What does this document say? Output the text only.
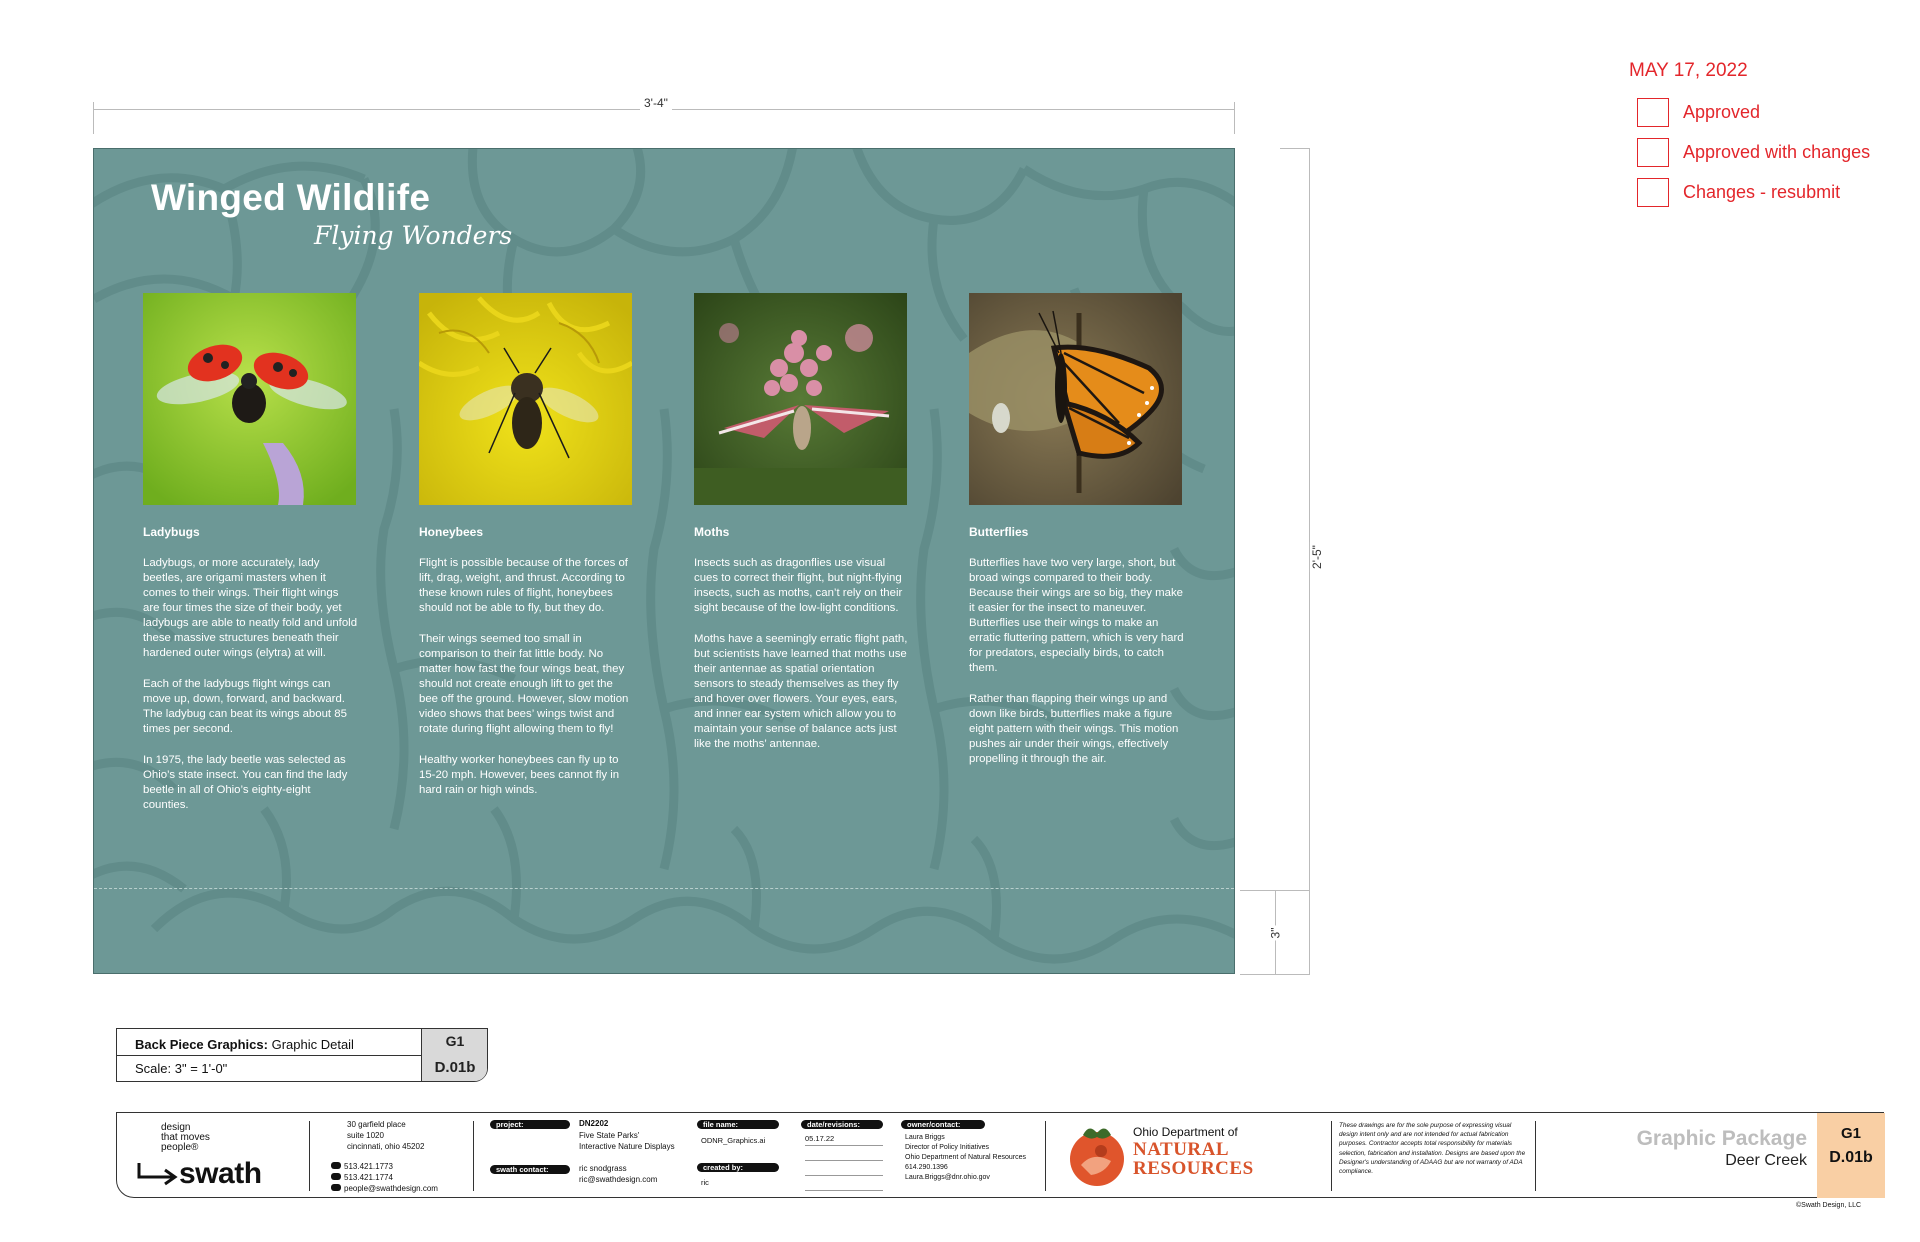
3'-4"
2'-5"
3"
MAY 17, 2022
Approved
Approved with changes
Changes - resubmit
Winged Wildlife
Flying Wonders
Ladybugs

Ladybugs, or more accurately, lady beetles, are origami masters when it comes to their wings. Their flight wings are four times the size of their body, yet ladybugs are able to neatly fold and unfold these massive structures beneath their hardened outer wings (elytra) at will.

Each of the ladybugs flight wings can move up, down, forward, and backward. The ladybug can beat its wings about 85 times per second.

In 1975, the lady beetle was selected as Ohio’s state insect. You can find the lady beetle in all of Ohio’s eighty-eight counties.

Honeybees

Flight is possible because of the forces of lift, drag, weight, and thrust. According to these known rules of flight, honeybees should not be able to fly, but they do.

Their wings seemed too small in comparison to their fat little body. No matter how fast the four wings beat, they should not create enough lift to get the bee off the ground. However, slow motion video shows that bees’ wings twist and rotate during flight allowing them to fly!

Healthy worker honeybees can fly up to 15-20 mph. However, bees cannot fly in hard rain or high winds.

Moths

Insects such as dragonflies use visual cues to correct their flight, but night-flying insects, such as moths, can’t rely on their sight because of the low-light conditions.

Moths have a seemingly erratic flight path, but scientists have learned that moths use their antennae as spatial orientation sensors to steady themselves as they fly and hover over flowers. Your eyes, ears, and inner ear system which allow you to maintain your sense of balance acts just like the moths’ antennae.

Butterflies

Butterflies have two very large, short, but broad wings compared to their body. Because their wings are so big, they make it easier for the insect to maneuver. Butterflies use their wings to make an erratic fluttering pattern, which is very hard for predators, especially birds, to catch them.

Rather than flapping their wings up and down like birds, butterflies make a figure eight pattern with their wings. This motion pushes air under their wings, effectively propelling it through the air.

Back Piece Graphics: Graphic Detail
Scale: 3" = 1'-0"
G1
D.01b
design
that moves
people®
swath
30 garfield place
suite 1020
cincinnati, ohio 45202
513.421.1773
513.421.1774
people@swathdesign.com
project:	DN2202
Five State Parks'
Interactive Nature Displays
swath contact:	ric snodgrass
ric@swathdesign.com
file name:
ODNR_Graphics.ai
created by:
ric
date/revisions:
05.17.22
owner/contact:
Laura Briggs
Director of Policy Initiatives
Ohio Department of Natural Resources
614.290.1396
Laura.Briggs@dnr.ohio.gov
Ohio Department of
NATURAL
RESOURCES
These drawings are for the sole purpose of expressing visual design intent only and are not intended for actual fabrication purposes. Contractor accepts total responsibility for materials selection, fabrication and installation. Designs are based upon the Designer's understanding of ADAAG but are not warranty of ADA compliance.
Graphic Package
Deer Creek
G1
D.01b
©Swath Design, LLC
